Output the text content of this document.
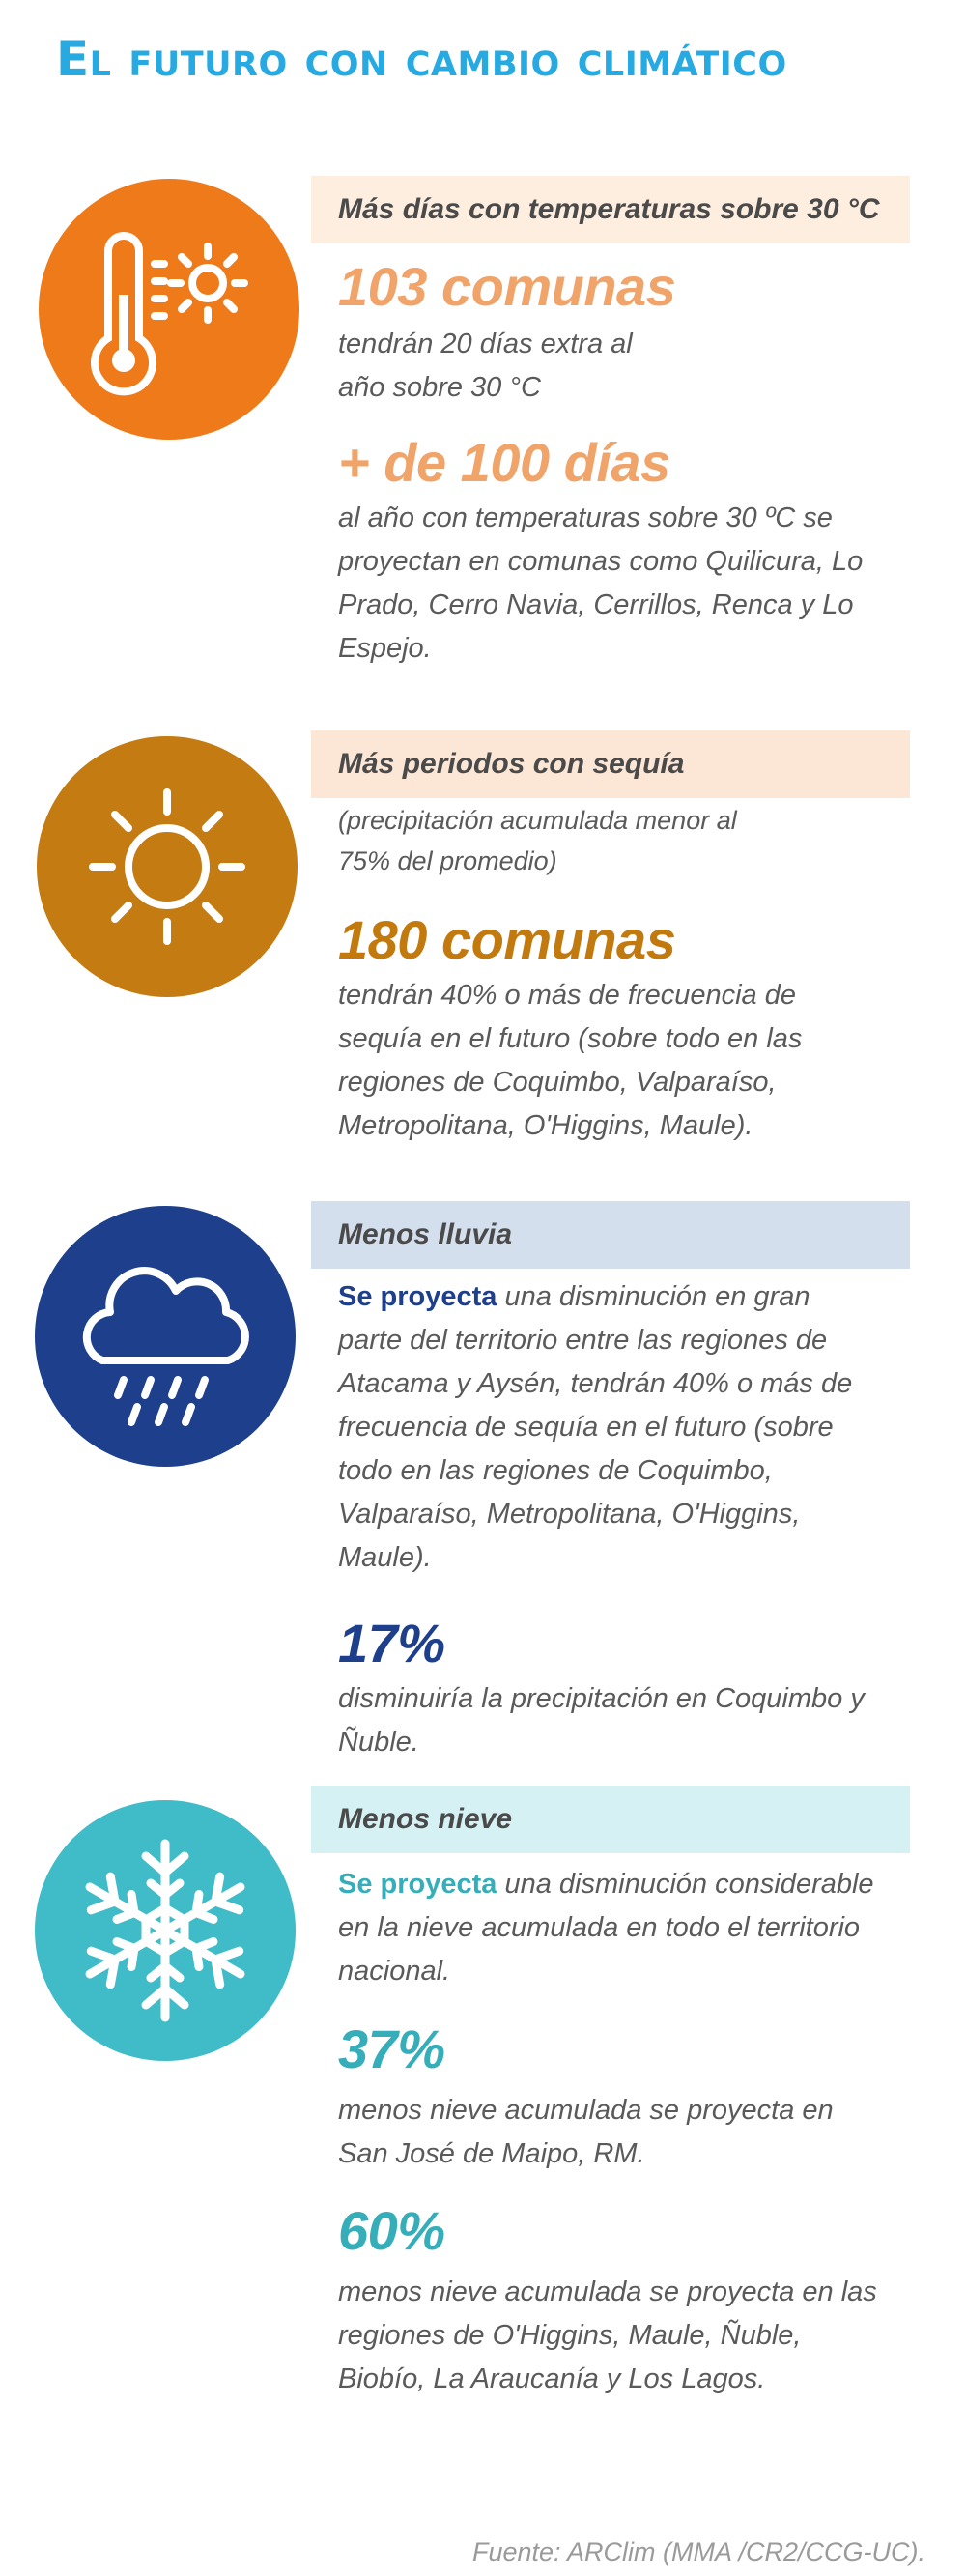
El futuro con cambio climático
Más días con temperaturas sobre 30 °C
103 comunas
tendrán 20 días extra al año sobre 30 °C
+ de 100 días
al año con temperaturas sobre 30 ºC se proyectan en comunas como Quilicura, Lo Prado, Cerro Navia, Cerrillos, Renca y Lo Espejo.
Más periodos con sequía
(precipitación acumulada menor al 75% del promedio)
180 comunas
tendrán 40% o más de frecuencia de sequía en el futuro (sobre todo en las regiones de Coquimbo, Valparaíso, Metropolitana, O'Higgins, Maule).
Menos lluvia
Se proyecta una disminución en gran parte del territorio entre las regiones de Atacama y Aysén, tendrán 40% o más de frecuencia de sequía en el futuro (sobre todo en las regiones de Coquimbo, Valparaíso, Metropolitana, O'Higgins, Maule).
17%
disminuiría la precipitación en Coquimbo y Ñuble.
Menos nieve
Se proyecta una disminución considerable en la nieve acumulada en todo el territorio nacional.
37%
menos nieve acumulada se proyecta en San José de Maipo, RM.
60%
menos nieve acumulada se proyecta en las regiones de O'Higgins, Maule, Ñuble, Biobío, La Araucanía y Los Lagos.
Fuente: ARClim (MMA /CR2/CCG-UC).
